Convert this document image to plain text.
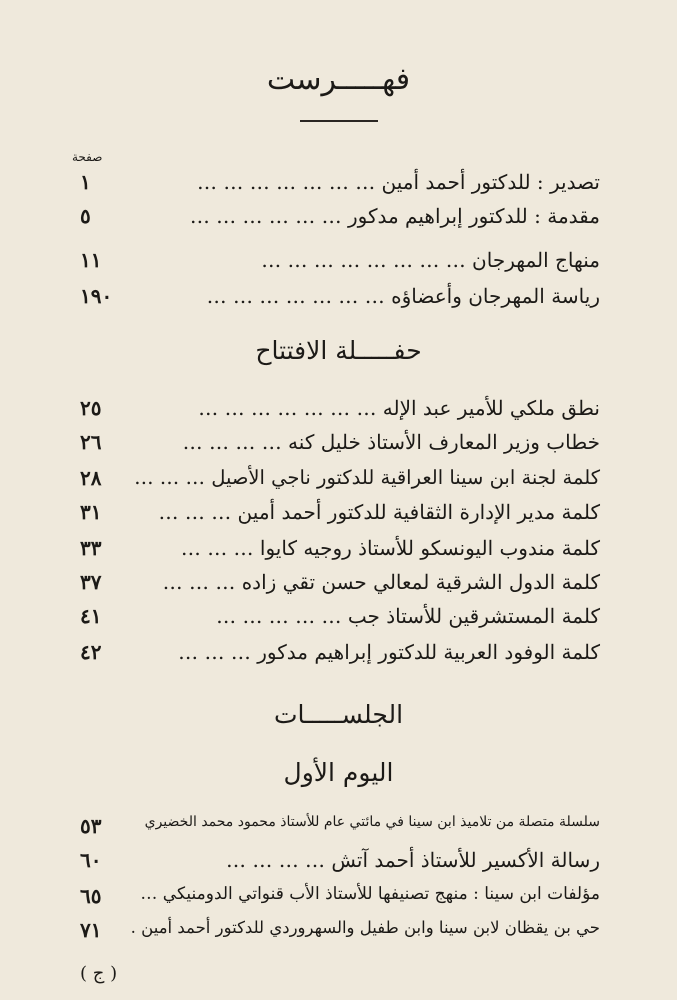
فهـــــرست
صفحة
تصدير : للدكتور أحمد أمين … … … … … … …
١
مقدمة : للدكتور إبراهيم مدكور … … … … … …
٥
منهاج المهرجان … … … … … … … …
١١
رياسة المهرجان وأعضاؤه … … … … … … …
١٩٠
حفـــــلة الافتتاح
نطق ملكي للأمير عبد الإله … … … … … … …
٢٥
خطاب وزير المعارف الأستاذ خليل كنه … … … …
٢٦
كلمة لجنة ابن سينا العراقية للدكتور ناجي الأصيل … … …
٢٨
كلمة مدير الإدارة الثقافية للدكتور أحمد أمين … … …
٣١
كلمة مندوب اليونسكو للأستاذ روجيه كايوا … … …
٣٣
كلمة الدول الشرقية لمعالي حسن تقي زاده … … …
٣٧
كلمة المستشرقين للأستاذ جب … … … … …
٤١
كلمة الوفود العربية للدكتور إبراهيم مدكور … … …
٤٢
الجلســـــات
اليوم الأول
سلسلة متصلة من تلاميذ ابن سينا في مائتي عام للأستاذ محمود محمد الخضيري
٥٣
رسالة الأكسير للأستاذ أحمد آتش … … … …
٦٠
مؤلفات ابن سينا : منهج تصنيفها للأستاذ الأب قنواتي الدومنيكي …
٦٥
حي بن يقظان لابن سينا وابن طفيل والسهروردي للدكتور أحمد أمين .
٧١
( ج )
